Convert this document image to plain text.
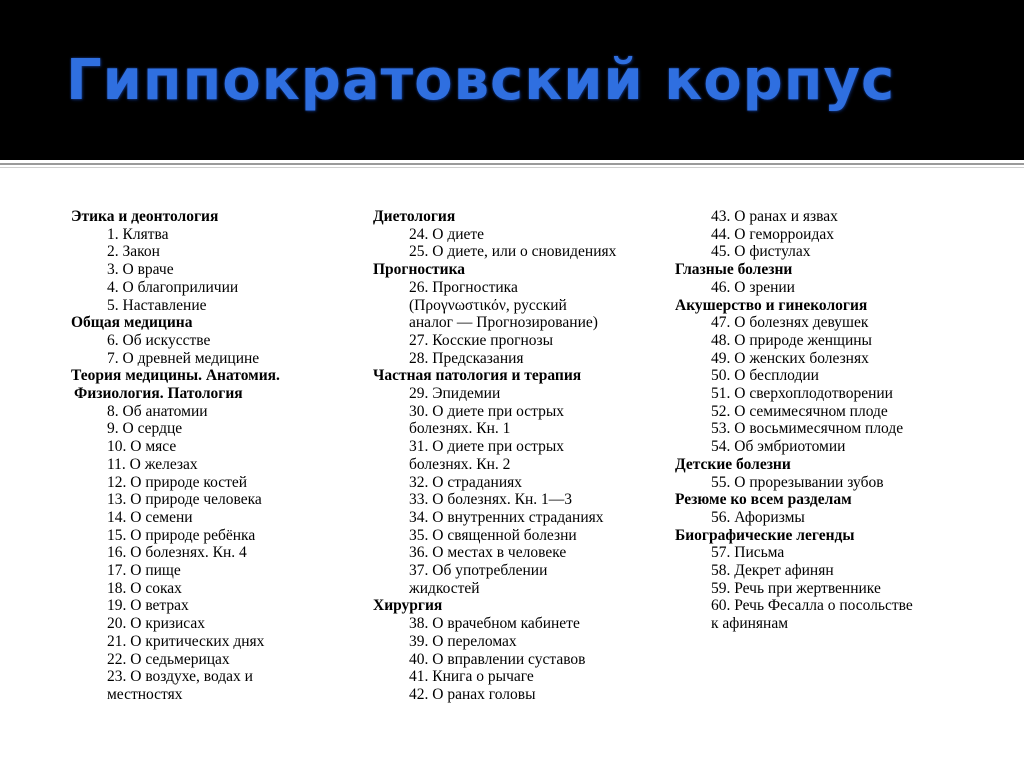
Гиппократовский корпус
Этика и деонтология
1. Клятва
2. Закон
3. О враче
4. О благоприличии
5. Наставление
Общая медицина
6. Об искусстве
7. О древней медицине
Теория медицины. Анатомия.
Физиология. Патология
8. Об анатомии
9. О сердце
10. О мясе
11. О железах
12. О природе костей
13. О природе человека
14. О семени
15. О природе ребёнка
16. О болезнях. Кн. 4
17. О пище
18. О соках
19. О ветрах
20. О кризисах
21. О критических днях
22. О седьмерицах
23. О воздухе, водах и
местностях
Диетология
24. О диете
25. О диете, или о сновидениях
Прогностика
26. Прогностика
(Προγνωστικόν, русский
аналог — Прогнозирование)
27. Косские прогнозы
28. Предсказания
Частная патология и терапия
29. Эпидемии
30. О диете при острых
болезнях. Кн. 1
31. О диете при острых
болезнях. Кн. 2
32. О страданиях
33. О болезнях. Кн. 1—3
34. О внутренних страданиях
35. О священной болезни
36. О местах в человеке
37. Об употреблении
жидкостей
Хирургия
38. О врачебном кабинете
39. О переломах
40. О вправлении суставов
41. Книга о рычаге
42. О ранах головы
43. О ранах и язвах
44. О геморроидах
45. О фистулах
Глазные болезни
46. О зрении
Акушерство и гинекология
47. О болезнях девушек
48. О природе женщины
49. О женских болезнях
50. О бесплодии
51. О сверхоплодотворении
52. О семимесячном плоде
53. О восьмимесячном плоде
54. Об эмбриотомии
Детские болезни
55. О прорезывании зубов
Резюме ко всем разделам
56. Афоризмы
Биографические легенды
57. Письма
58. Декрет афинян
59. Речь при жертвеннике
60. Речь Фесалла о посольстве
к афинянам
